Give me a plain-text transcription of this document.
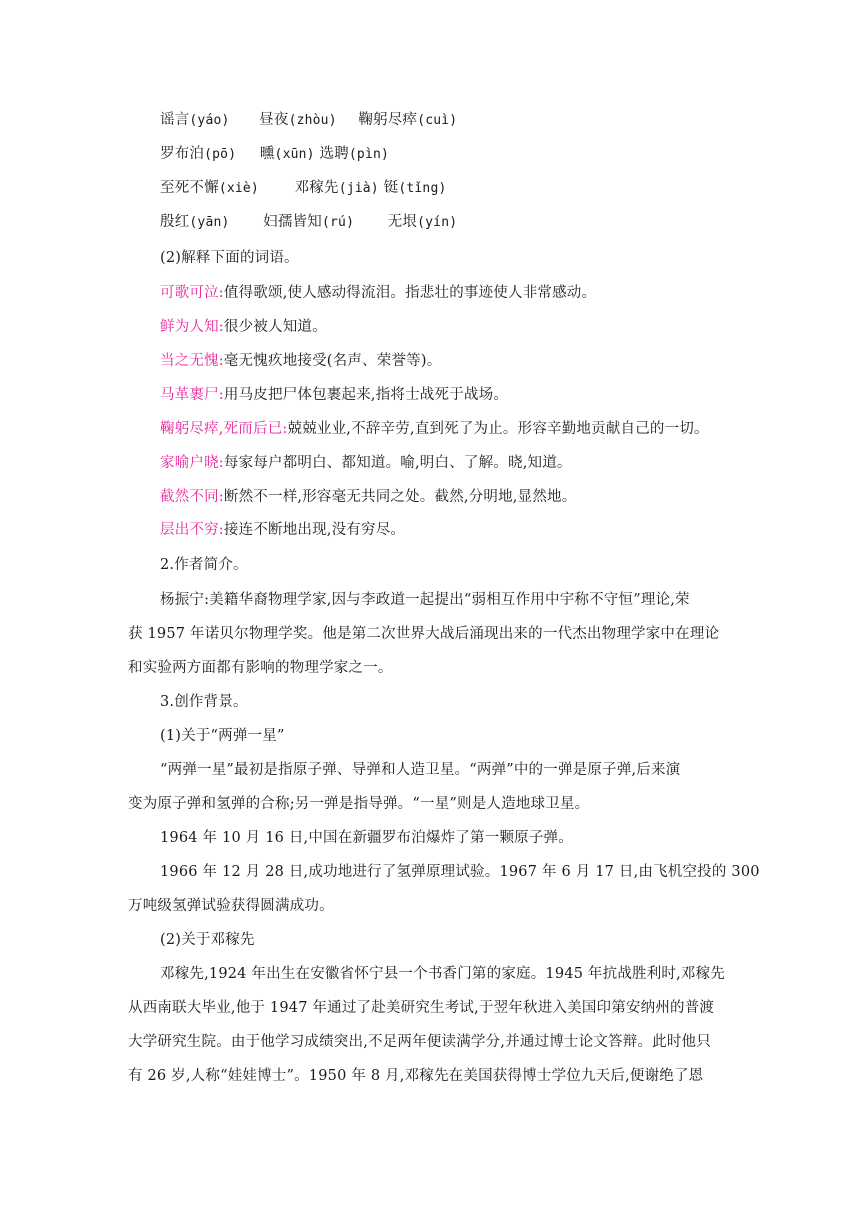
谣言(yáo) 昼夜(zhòu) 鞠躬尽瘁(cuì)
罗布泊(pō) 曛(xūn) 选聘(pìn)
至死不懈(xiè) 邓稼先(jià) 铤(tǐng)
殷红(yān) 妇孺皆知(rú) 无垠(yín)
(2)解释下面的词语。
可歌可泣:值得歌颂,使人感动得流泪。指悲壮的事迹使人非常感动。
鲜为人知:很少被人知道。
当之无愧:毫无愧疚地接受(名声、荣誉等)。
马革裹尸:用马皮把尸体包裹起来,指将士战死于战场。
鞠躬尽瘁,死而后已:兢兢业业,不辞辛劳,直到死了为止。形容辛勤地贡献自己的一切。
家喻户晓:每家每户都明白、都知道。喻,明白、了解。晓,知道。
截然不同:断然不一样,形容毫无共同之处。截然,分明地,显然地。
层出不穷:接连不断地出现,没有穷尽。
2.作者简介。
杨振宁:美籍华裔物理学家,因与李政道一起提出“弱相互作用中宇称不守恒”理论,荣
获 1957 年诺贝尔物理学奖。他是第二次世界大战后涌现出来的一代杰出物理学家中在理论
和实验两方面都有影响的物理学家之一。
3.创作背景。
(1)关于“两弹一星”
“两弹一星”最初是指原子弹、导弹和人造卫星。“两弹”中的一弹是原子弹,后来演
变为原子弹和氢弹的合称;另一弹是指导弹。“一星”则是人造地球卫星。
1964 年 10 月 16 日,中国在新疆罗布泊爆炸了第一颗原子弹。
1966 年 12 月 28 日,成功地进行了氢弹原理试验。1967 年 6 月 17 日,由飞机空投的 300
万吨级氢弹试验获得圆满成功。
(2)关于邓稼先
邓稼先,1924 年出生在安徽省怀宁县一个书香门第的家庭。1945 年抗战胜利时,邓稼先
从西南联大毕业,他于 1947 年通过了赴美研究生考试,于翌年秋进入美国印第安纳州的普渡
大学研究生院。由于他学习成绩突出,不足两年便读满学分,并通过博士论文答辩。此时他只
有 26 岁,人称“娃娃博士”。1950 年 8 月,邓稼先在美国获得博士学位九天后,便谢绝了恩
